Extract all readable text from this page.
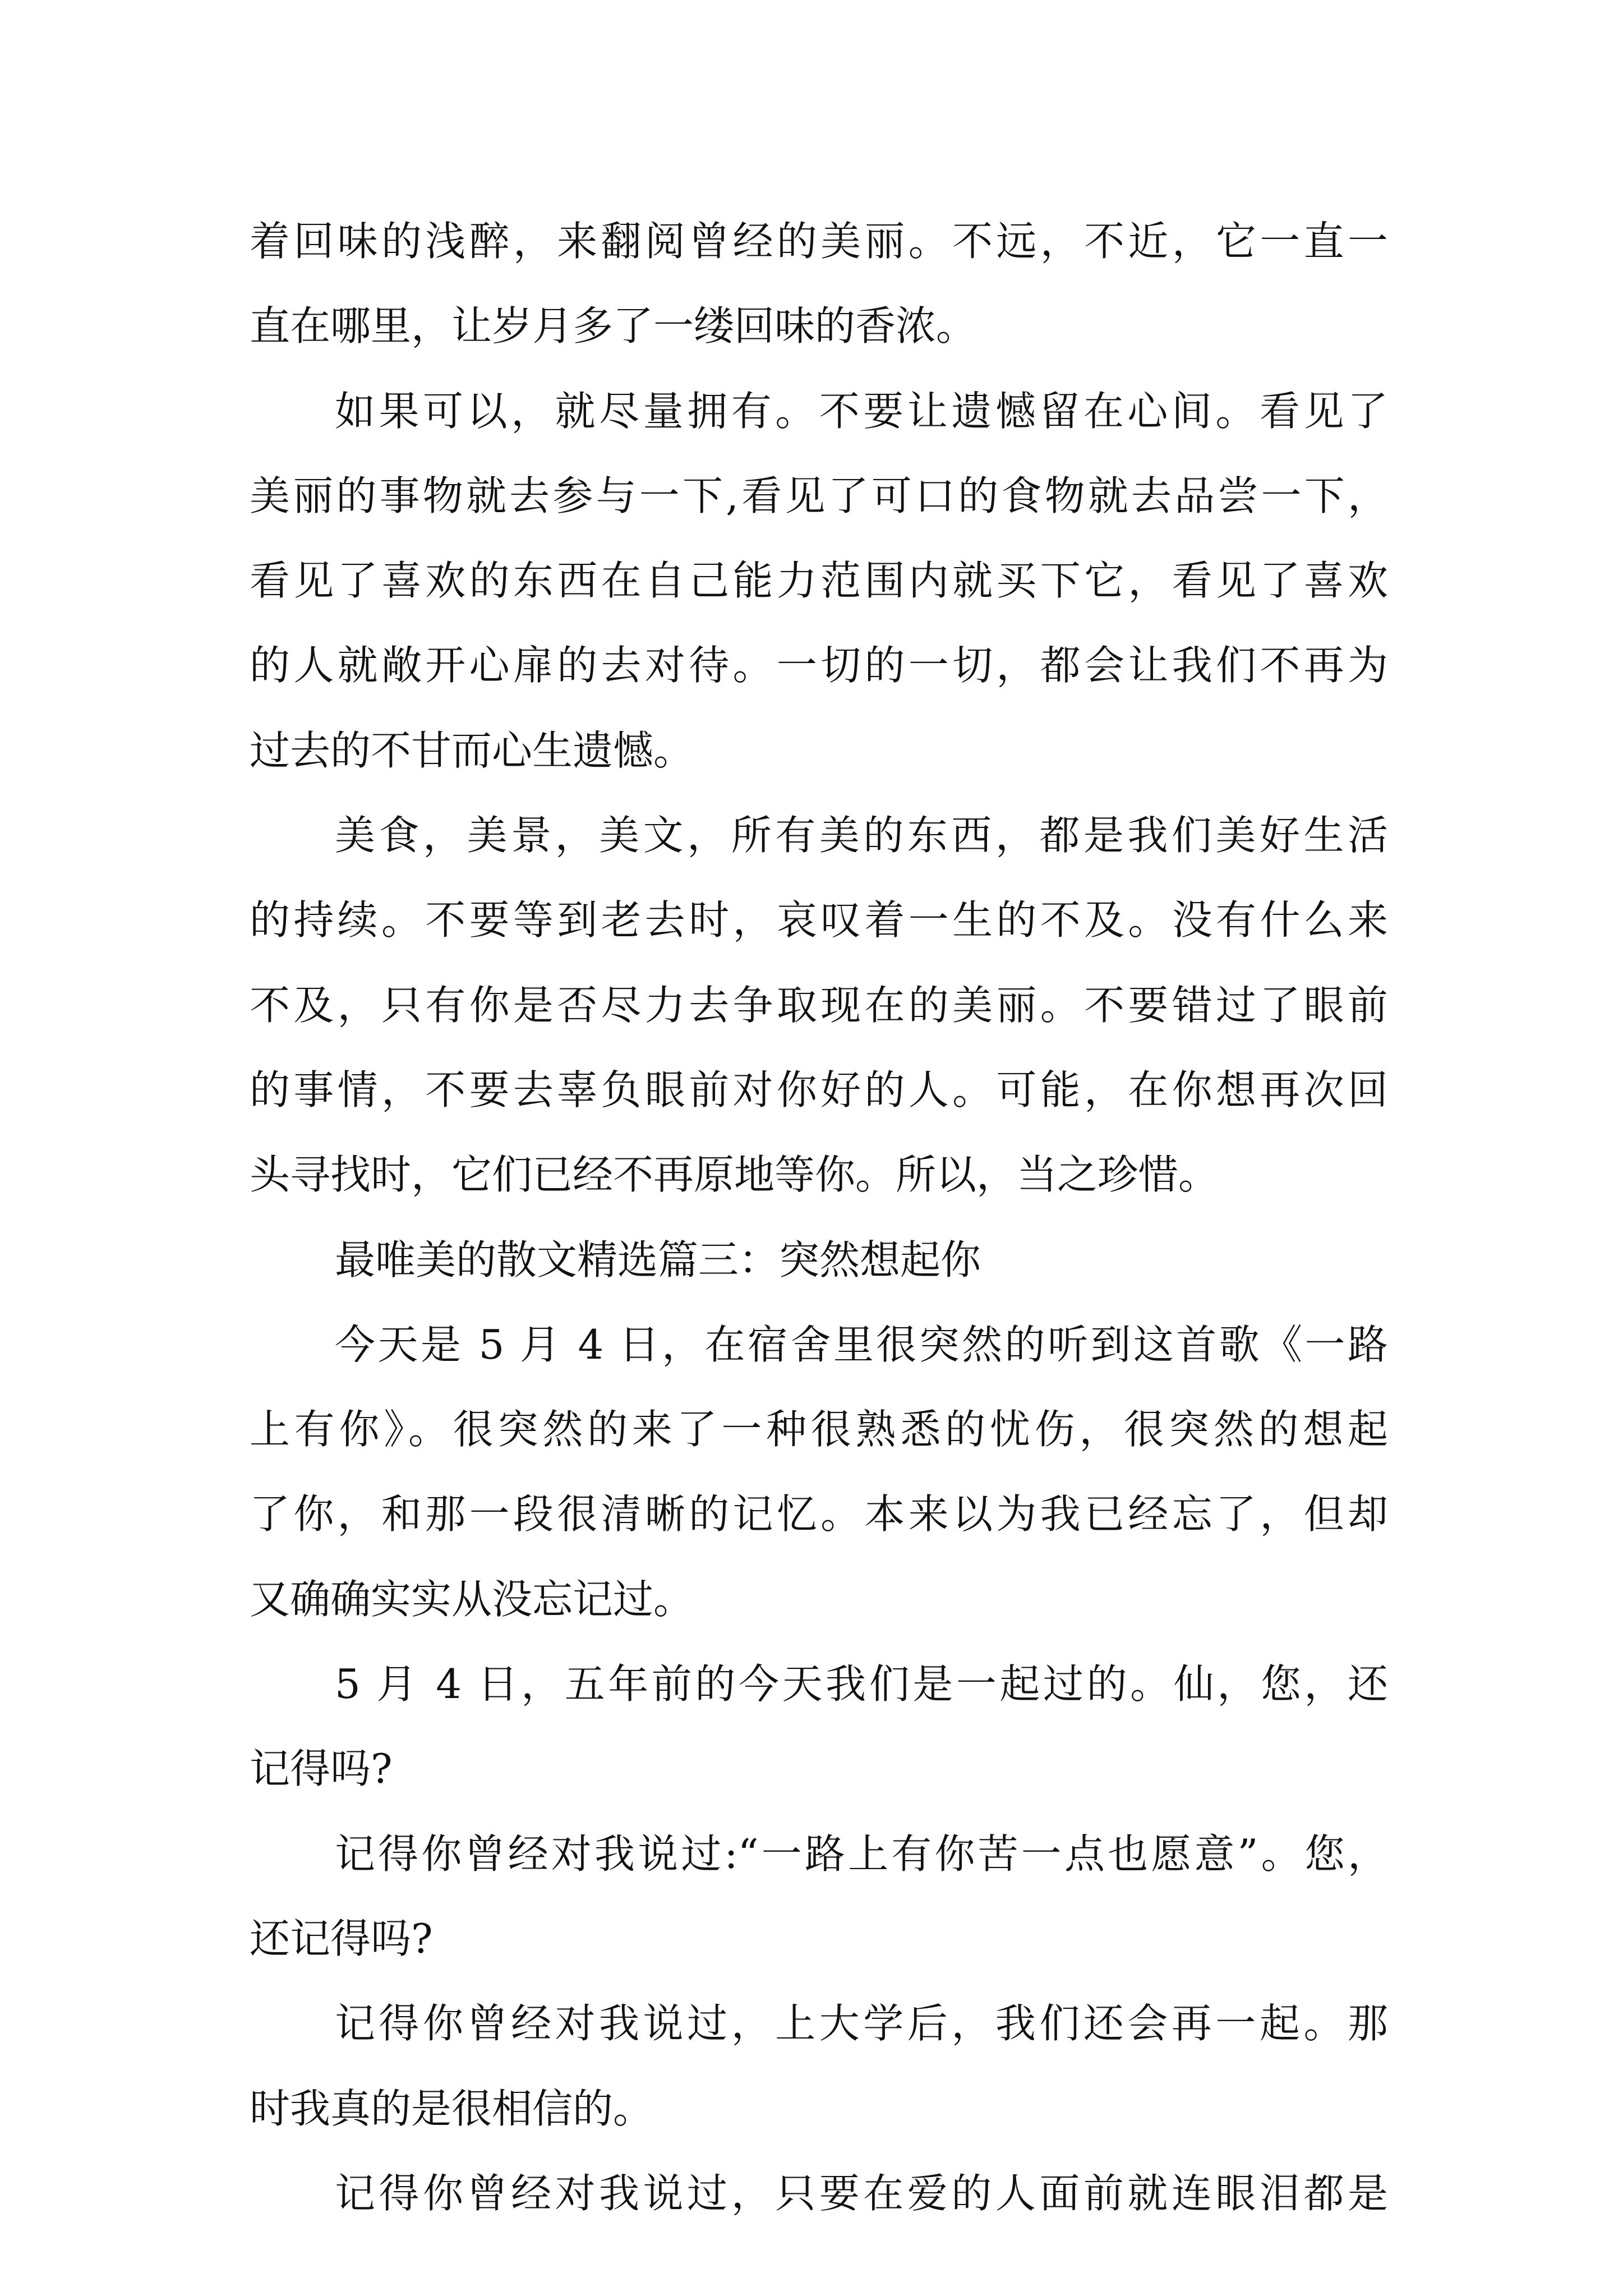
着回味的浅醉，来翻阅曾经的美丽。不远，不近，它一直一
直在哪里，让岁月多了一缕回味的香浓。
如果可以，就尽量拥有。不要让遗憾留在心间。看见了
美丽的事物就去参与一下,看见了可口的食物就去品尝一下，
看见了喜欢的东西在自己能力范围内就买下它，看见了喜欢
的人就敞开心扉的去对待。一切的一切，都会让我们不再为
过去的不甘而心生遗憾。
美食，美景，美文，所有美的东西，都是我们美好生活
的持续。不要等到老去时，哀叹着一生的不及。没有什么来
不及，只有你是否尽力去争取现在的美丽。不要错过了眼前
的事情，不要去辜负眼前对你好的人。可能，在你想再次回
头寻找时，它们已经不再原地等你。所以，当之珍惜。
最唯美的散文精选篇三：突然想起你
今天是 5 月 4 日，在宿舍里很突然的听到这首歌《一路
上有你》。很突然的来了一种很熟悉的忧伤，很突然的想起
了你，和那一段很清晰的记忆。本来以为我已经忘了，但却
又确确实实从没忘记过。
5 月 4 日，五年前的今天我们是一起过的。仙，您，还
记得吗?
记得你曾经对我说过:“一路上有你苦一点也愿意”。您，
还记得吗?
记得你曾经对我说过，上大学后，我们还会再一起。那
时我真的是很相信的。
记得你曾经对我说过，只要在爱的人面前就连眼泪都是
